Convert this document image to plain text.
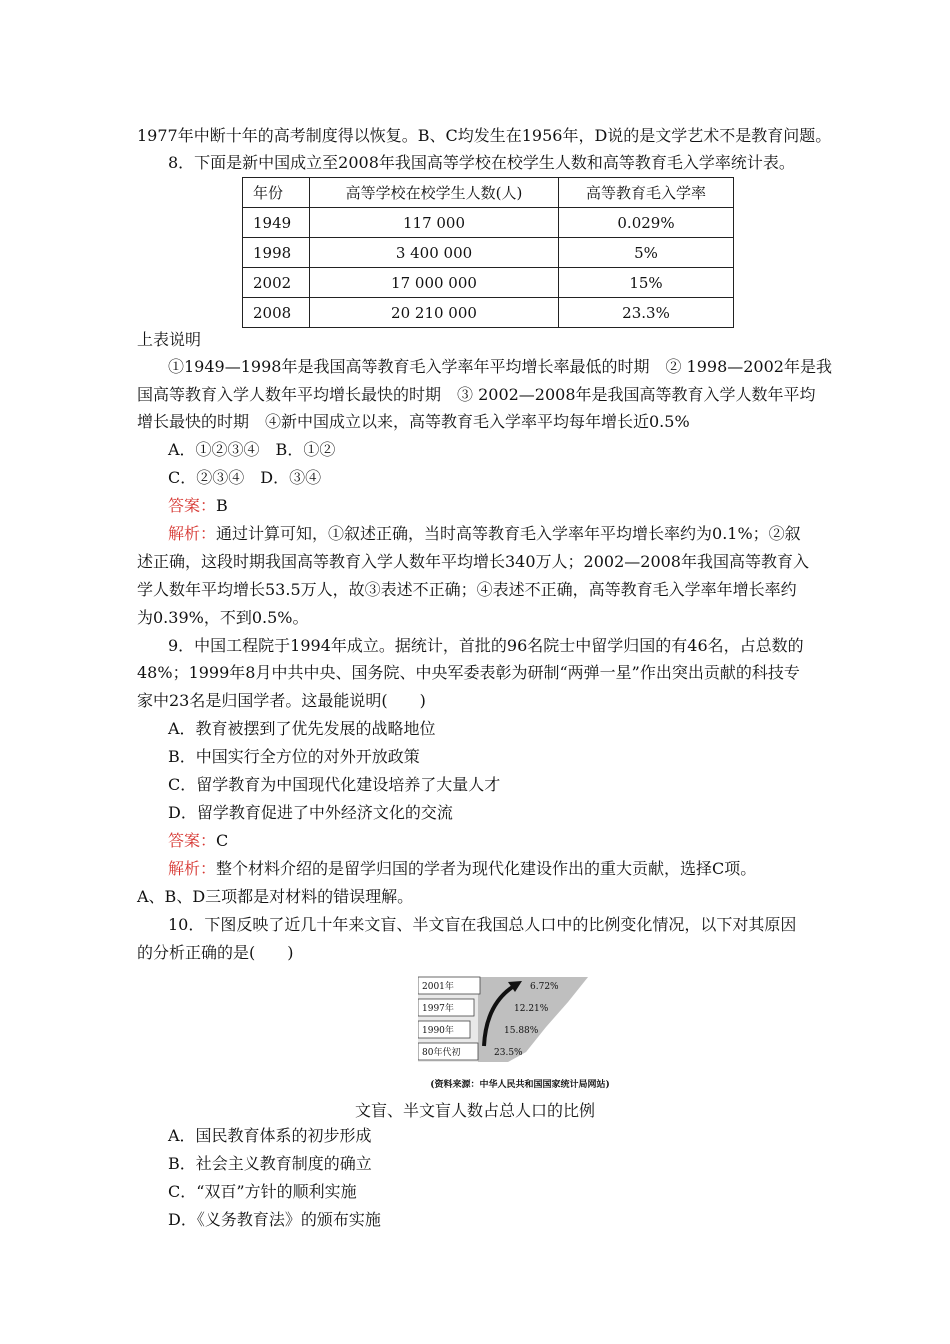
1977年中断十年的高考制度得以恢复。B、C均发生在1956年，D说的是文学艺术不是教育问题。
8．下面是新中国成立至2008年我国高等学校在校学生人数和高等教育毛入学率统计表。
年份	高等学校在校学生人数(人)	高等教育毛入学率
1949	117 000	0.029%
1998	3 400 000	5%
2002	17 000 000	15%
2008	20 210 000	23.3%
上表说明
①1949—1998年是我国高等教育毛入学率年平均增长率最低的时期　② 1998—2002年是我
国高等教育入学人数年平均增长最快的时期　③ 2002—2008年是我国高等教育入学人数年平均
增长最快的时期　④新中国成立以来，高等教育毛入学率平均每年增长近0.5%
A．①②③④　B．①②
C．②③④　D．③④
答案：B
解析：通过计算可知，①叙述正确，当时高等教育毛入学率年平均增长率约为0.1%；②叙
述正确，这段时期我国高等教育入学人数年平均增长340万人；2002—2008年我国高等教育入
学人数年平均增长53.5万人，故③表述不正确；④表述不正确，高等教育毛入学率年增长率约
为0.39%，不到0.5%。
9．中国工程院于1994年成立。据统计，首批的96名院士中留学归国的有46名，占总数的
48%；1999年8月中共中央、国务院、中央军委表彰为研制“两弹一星”作出突出贡献的科技专
家中23名是归国学者。这最能说明(　　)
A．教育被摆到了优先发展的战略地位
B．中国实行全方位的对外开放政策
C．留学教育为中国现代化建设培养了大量人才
D．留学教育促进了中外经济文化的交流
答案：C
解析：整个材料介绍的是留学归国的学者为现代化建设作出的重大贡献，选择C项。
A、B、D三项都是对材料的错误理解。
10．下图反映了近几十年来文盲、半文盲在我国总人口中的比例变化情况，以下对其原因
的分析正确的是(　　)
2001年
1997年
1990年
80年代初
6.72%
12.21%
15.88%
23.5%
(资料来源：中华人民共和国国家统计局网站)
文盲、半文盲人数占总人口的比例
A．国民教育体系的初步形成
B．社会主义教育制度的确立
C．“双百”方针的顺利实施
D．《义务教育法》的颁布实施
